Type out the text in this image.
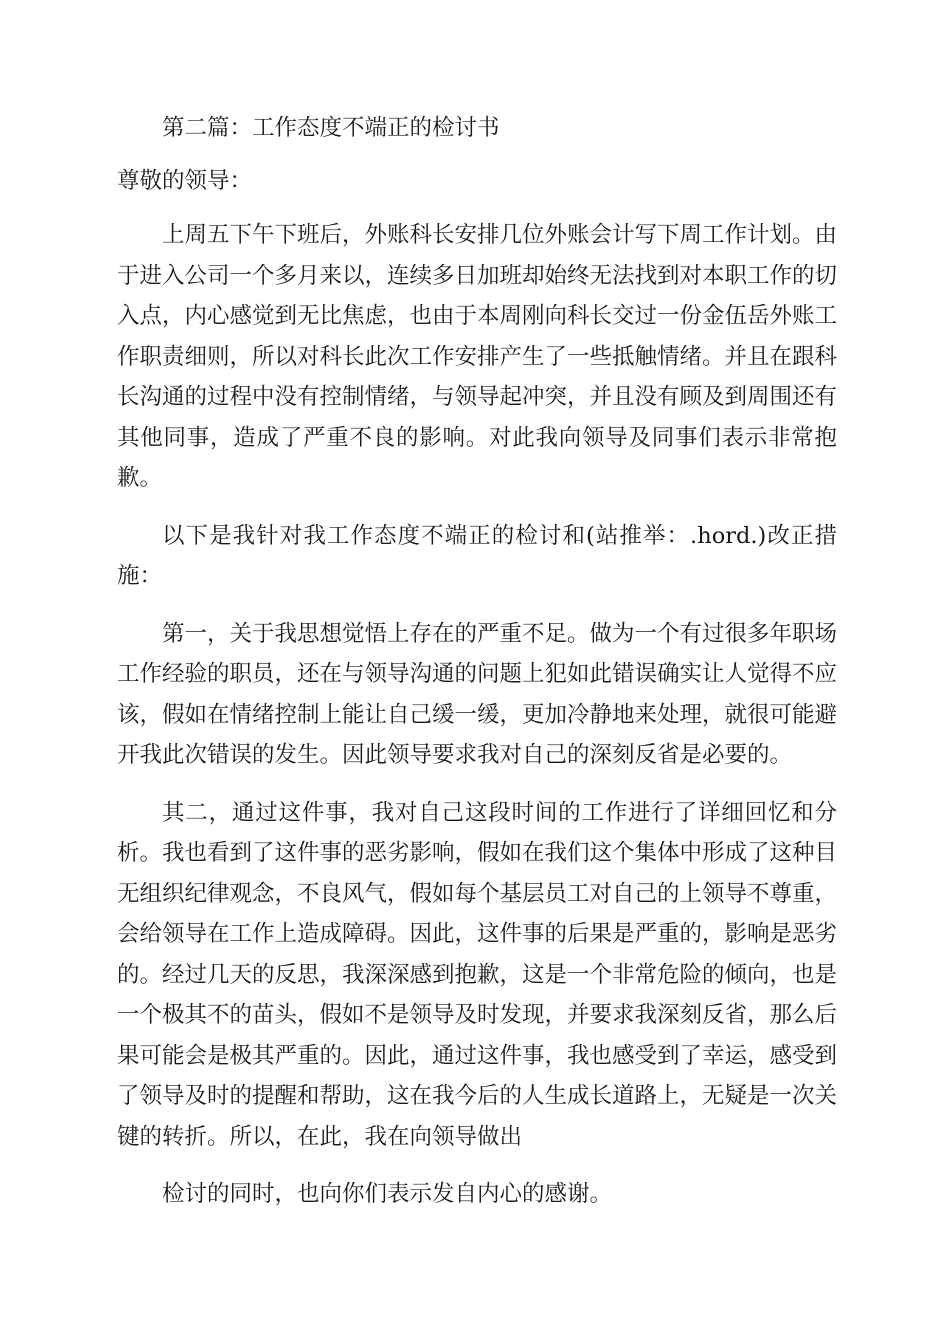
第二篇：工作态度不端正的检讨书

尊敬的领导：

上周五下午下班后，外账科长安排几位外账会计写下周工作计划。由于进入公司一个多月来以，连续多日加班却始终无法找到对本职工作的切入点，内心感觉到无比焦虑，也由于本周刚向科长交过一份金伍岳外账工作职责细则，所以对科长此次工作安排产生了一些抵触情绪。并且在跟科长沟通的过程中没有控制情绪，与领导起冲突，并且没有顾及到周围还有其他同事，造成了严重不良的影响。对此我向领导及同事们表示非常抱歉。

以下是我针对我工作态度不端正的检讨和(站推举：.hord.)改正措施：

第一，关于我思想觉悟上存在的严重不足。做为一个有过很多年职场工作经验的职员，还在与领导沟通的问题上犯如此错误确实让人觉得不应该，假如在情绪控制上能让自己缓一缓，更加冷静地来处理，就很可能避开我此次错误的发生。因此领导要求我对自己的深刻反省是必要的。

其二，通过这件事，我对自己这段时间的工作进行了详细回忆和分析。我也看到了这件事的恶劣影响，假如在我们这个集体中形成了这种目无组织纪律观念，不良风气，假如每个基层员工对自己的上领导不尊重，会给领导在工作上造成障碍。因此，这件事的后果是严重的，影响是恶劣的。经过几天的反思，我深深感到抱歉，这是一个非常危险的倾向，也是一个极其不的苗头，假如不是领导及时发现，并要求我深刻反省，那么后果可能会是极其严重的。因此，通过这件事，我也感受到了幸运，感受到了领导及时的提醒和帮助，这在我今后的人生成长道路上，无疑是一次关键的转折。所以，在此，我在向领导做出

检讨的同时，也向你们表示发自内心的感谢。
